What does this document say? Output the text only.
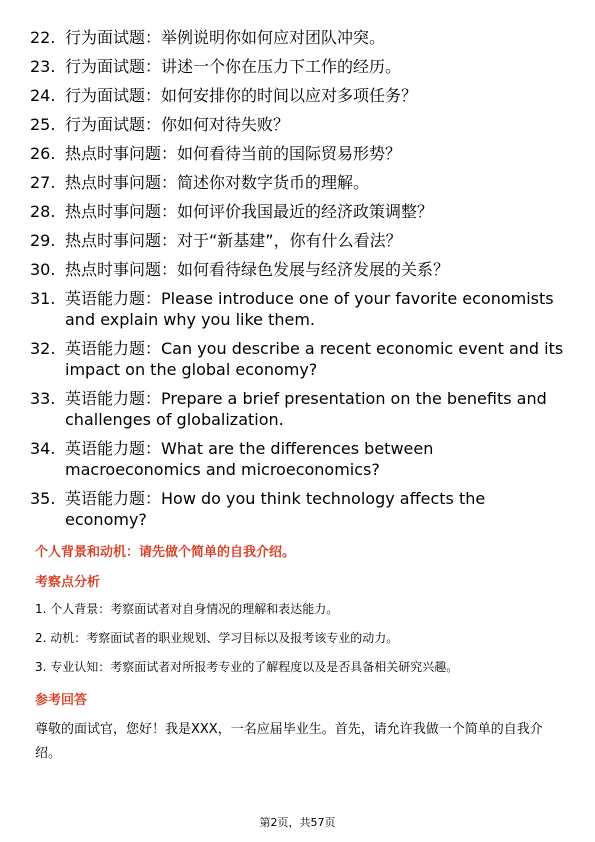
22. 行为面试题：举例说明你如何应对团队冲突。
23. 行为面试题：讲述一个你在压力下工作的经历。
24. 行为面试题：如何安排你的时间以应对多项任务？
25. 行为面试题：你如何对待失败？
26. 热点时事问题：如何看待当前的国际贸易形势？
27. 热点时事问题：简述你对数字货币的理解。
28. 热点时事问题：如何评价我国最近的经济政策调整？
29. 热点时事问题：对于“新基建”，你有什么看法？
30. 热点时事问题：如何看待绿色发展与经济发展的关系？
31. 英语能力题：Please introduce one of your favorite economists and explain why you like them.
32. 英语能力题：Can you describe a recent economic event and its impact on the global economy?
33. 英语能力题：Prepare a brief presentation on the benefits and challenges of globalization.
34. 英语能力题：What are the differences between macroeconomics and microeconomics?
35. 英语能力题：How do you think technology affects the economy?
个人背景和动机：请先做个简单的自我介绍。
考察点分析
1. 个人背景：考察面试者对自身情况的理解和表达能力。
2. 动机：考察面试者的职业规划、学习目标以及报考该专业的动力。
3. 专业认知：考察面试者对所报考专业的了解程度以及是否具备相关研究兴趣。
参考回答
尊敬的面试官，您好！我是XXX，一名应届毕业生。首先，请允许我做一个简单的自我介绍。
第2页，共57页
